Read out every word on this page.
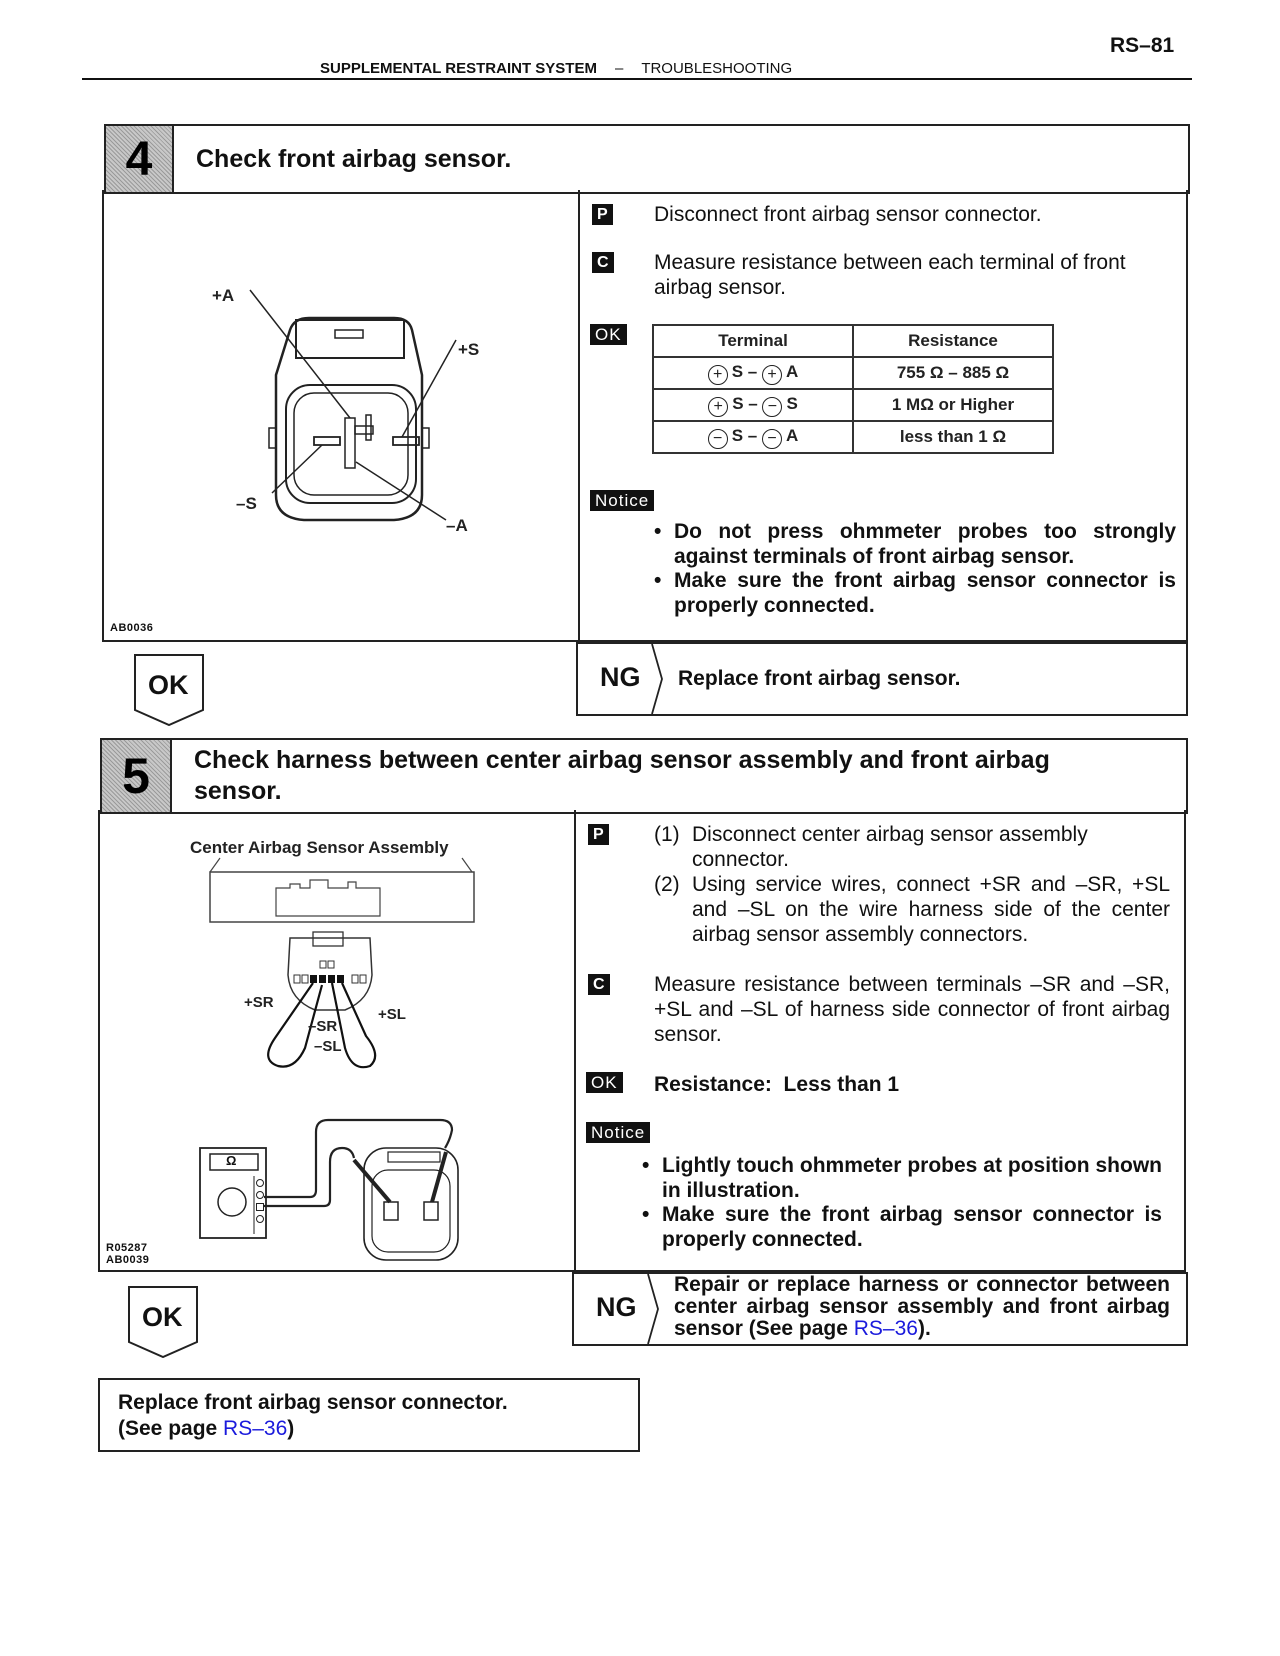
RS–81
SUPPLEMENTAL RESTRAINT SYSTEM – TROUBLESHOOTING
4	Check front airbag sensor.
+A
+S
–S
–A
AB0036
P Disconnect front airbag sensor connector.
C Measure resistance between each terminal of front airbag sensor.
OK	Terminal	Resistance
+ S – + A	755 Ω – 885 Ω
+ S – − S	1 MΩ or Higher
− S – − A	less than 1 Ω
Notice
• Do not press ohmmeter probes too strongly against terminals of front airbag sensor.
• Make sure the front airbag sensor connector is properly connected.
OK	NG Replace front airbag sensor.
5	Check harness between center airbag sensor assembly and front airbag sensor.
Center Airbag Sensor Assembly
+SR
–SR
+SL
–SL
Ω
R05287
AB0039
P (1) Disconnect center airbag sensor assembly connector.
(2) Using service wires, connect +SR and –SR, +SL and –SL on the wire harness side of the center airbag sensor assembly connectors.
C Measure resistance between terminals –SR and –SR, +SL and –SL of harness side connector of front airbag sensor.
OK Resistance:  Less than 1
Notice
• Lightly touch ohmmeter probes at position shown in illustration.
• Make sure the front airbag sensor connector is properly connected.
OK	NG
Repair or replace harness or connector between center airbag sensor assembly and front airbag sensor (See page RS–36).
Replace front airbag sensor connector.
(See page RS–36)
